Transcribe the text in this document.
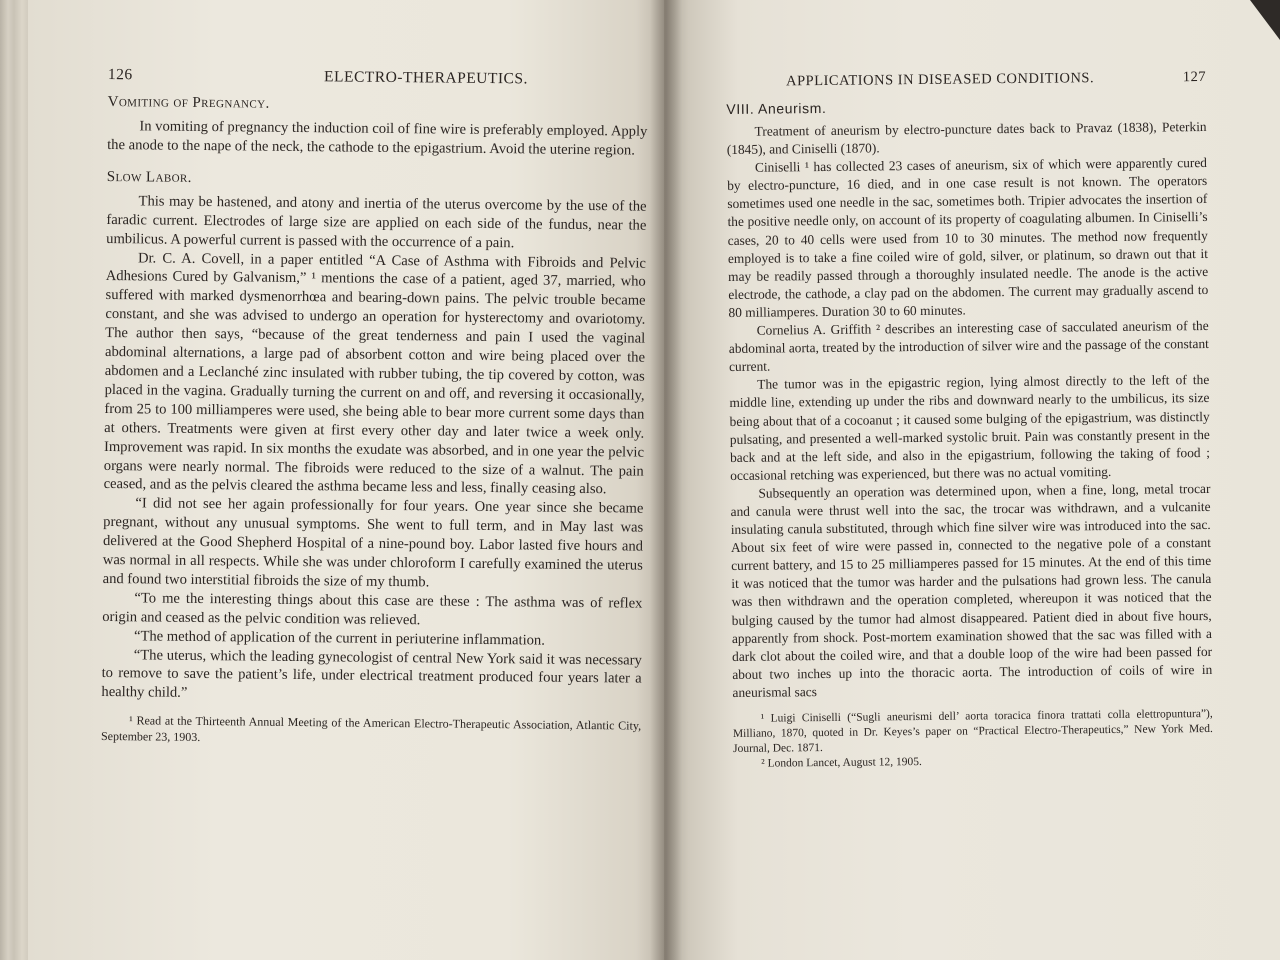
126	ELECTRO-THERAPEUTICS.
Vomiting of Pregnancy.

In vomiting of pregnancy the induction coil of fine wire is preferably employed. Apply the anode to the nape of the neck, the cathode to the epigastrium. Avoid the uterine region.

Slow Labor.

This may be hastened, and atony and inertia of the uterus overcome by the use of the faradic current. Electrodes of large size are applied on each side of the fundus, near the umbilicus. A powerful current is passed with the occurrence of a pain.

Dr. C. A. Covell, in a paper entitled “A Case of Asthma with Fibroids and Pelvic Adhesions Cured by Galvanism,” ¹ mentions the case of a patient, aged 37, married, who suffered with marked dysmenorrhœa and bearing-down pains. The pelvic trouble became constant, and she was advised to undergo an operation for hysterectomy and ovariotomy. The author then says, “because of the great tenderness and pain I used the vaginal abdominal alternations, a large pad of absorbent cotton and wire being placed over the abdomen and a Leclanché zinc insulated with rubber tubing, the tip covered by cotton, was placed in the vagina. Gradually turning the current on and off, and reversing it occasionally, from 25 to 100 milliamperes were used, she being able to bear more current some days than at others. Treatments were given at first every other day and later twice a week only. Improvement was rapid. In six months the exudate was absorbed, and in one year the pelvic organs were nearly normal. The fibroids were reduced to the size of a walnut. The pain ceased, and as the pelvis cleared the asthma became less and less, finally ceasing also.

“I did not see her again professionally for four years. One year since she became pregnant, without any unusual symptoms. She went to full term, and in May last was delivered at the Good Shepherd Hospital of a nine-pound boy. Labor lasted five hours and was normal in all respects. While she was under chloroform I carefully examined the uterus and found two interstitial fibroids the size of my thumb.

“To me the interesting things about this case are these : The asthma was of reflex origin and ceased as the pelvic condition was relieved.

“The method of application of the current in periuterine inflammation.

“The uterus, which the leading gynecologist of central New York said it was necessary to remove to save the patient’s life, under electrical treatment produced four years later a healthy child.”

¹ Read at the Thirteenth Annual Meeting of the American Electro-Therapeutic Association, Atlantic City, September 23, 1903.

APPLICATIONS IN DISEASED CONDITIONS.	127
VIII. Aneurism.

Treatment of aneurism by electro-puncture dates back to Pravaz (1838), Peterkin (1845), and Ciniselli (1870).

Ciniselli ¹ has collected 23 cases of aneurism, six of which were apparently cured by electro-puncture, 16 died, and in one case result is not known. The operators sometimes used one needle in the sac, sometimes both. Tripier advocates the insertion of the positive needle only, on account of its property of coagulating albumen. In Ciniselli’s cases, 20 to 40 cells were used from 10 to 30 minutes. The method now frequently employed is to take a fine coiled wire of gold, silver, or platinum, so drawn out that it may be readily passed through a thoroughly insulated needle. The anode is the active electrode, the cathode, a clay pad on the abdomen. The current may gradually ascend to 80 milliamperes. Duration 30 to 60 minutes.

Cornelius A. Griffith ² describes an interesting case of sacculated aneurism of the abdominal aorta, treated by the introduction of silver wire and the passage of the constant current.

The tumor was in the epigastric region, lying almost directly to the left of the middle line, extending up under the ribs and downward nearly to the umbilicus, its size being about that of a cocoanut ; it caused some bulging of the epigastrium, was distinctly pulsating, and presented a well-marked systolic bruit. Pain was constantly present in the back and at the left side, and also in the epigastrium, following the taking of food ; occasional retching was experienced, but there was no actual vomiting.

Subsequently an operation was determined upon, when a fine, long, metal trocar and canula were thrust well into the sac, the trocar was withdrawn, and a vulcanite insulating canula substituted, through which fine silver wire was introduced into the sac. About six feet of wire were passed in, connected to the negative pole of a constant current battery, and 15 to 25 milliamperes passed for 15 minutes. At the end of this time it was noticed that the tumor was harder and the pulsations had grown less. The canula was then withdrawn and the operation completed, whereupon it was noticed that the bulging caused by the tumor had almost disappeared. Patient died in about five hours, apparently from shock. Post-mortem examination showed that the sac was filled with a dark clot about the coiled wire, and that a double loop of the wire had been passed for about two inches up into the thoracic aorta. The introduction of coils of wire in aneurismal sacs

¹ Luigi Ciniselli (“Sugli aneurismi dell’ aorta toracica finora trattati colla elettropuntura”), Milliano, 1870, quoted in Dr. Keyes’s paper on “Practical Electro-Therapeutics,” New York Med. Journal, Dec. 1871.

² London Lancet, August 12, 1905.
